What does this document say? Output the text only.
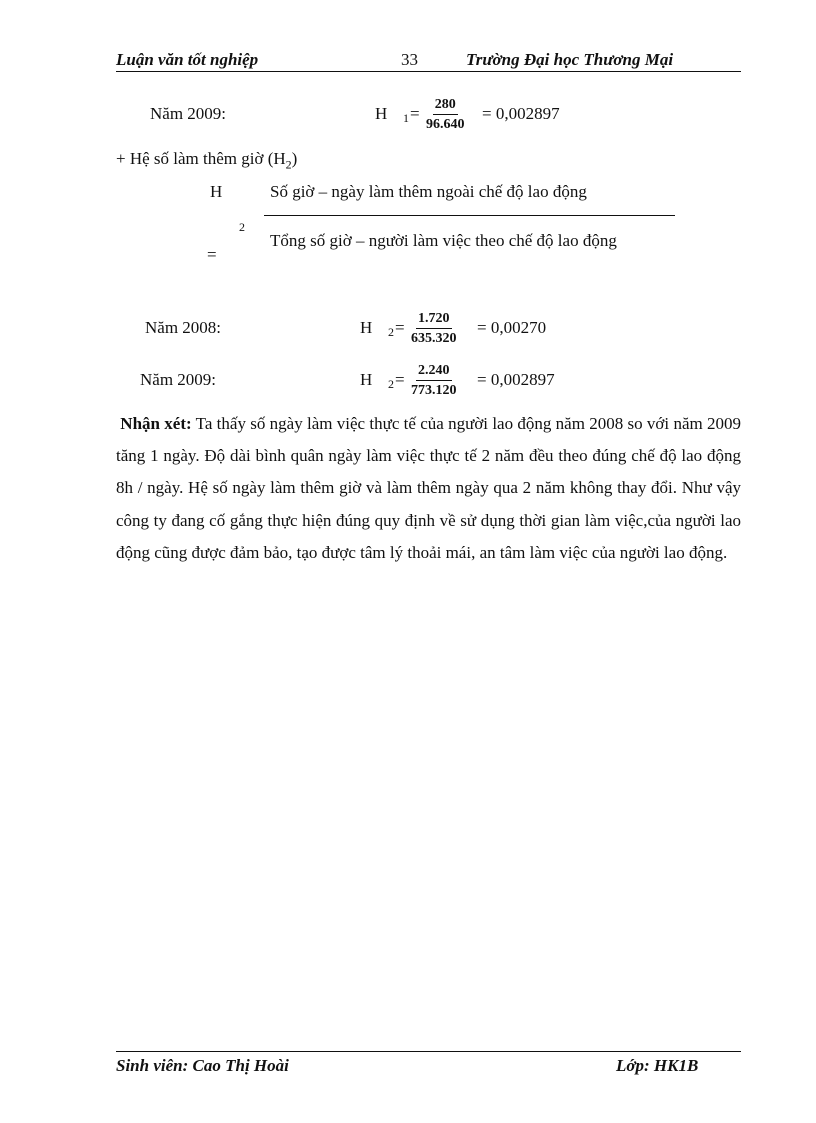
Luận văn tốt nghiệp	33	Trường Đại học Thương Mại
Năm 2009:	H $1 = \frac{280}{96.640} = 0,002897$
+ Hệ số làm thêm giờ $(H_2)$
H
2
=
Số giờ – ngày làm thêm ngoài chế độ lao động
Tổng số giờ – người làm việc theo chế độ lao động
Năm 2008:	H $2 = \frac{1.720}{635.320} = 0,00270$
Năm 2009:	H $2 = \frac{2.240}{773.120} = 0,002897$
Nhận xét: Ta thấy số ngày làm việc thực tế của người lao động năm 2008 so với năm 2009 tăng 1 ngày. Độ dài bình quân ngày làm việc thực tế 2 năm đều theo đúng chế độ lao động 8h / ngày. Hệ số ngày làm thêm giờ và làm thêm ngày qua 2 năm không thay đổi. Như vậy công ty đang cố gắng thực hiện đúng quy định về sử dụng thời gian làm việc,của người lao động cũng được đảm bảo, tạo được tâm lý thoải mái, an tâm làm việc của người lao động.
Sinh viên: Cao Thị Hoài	Lớp: HK1B
